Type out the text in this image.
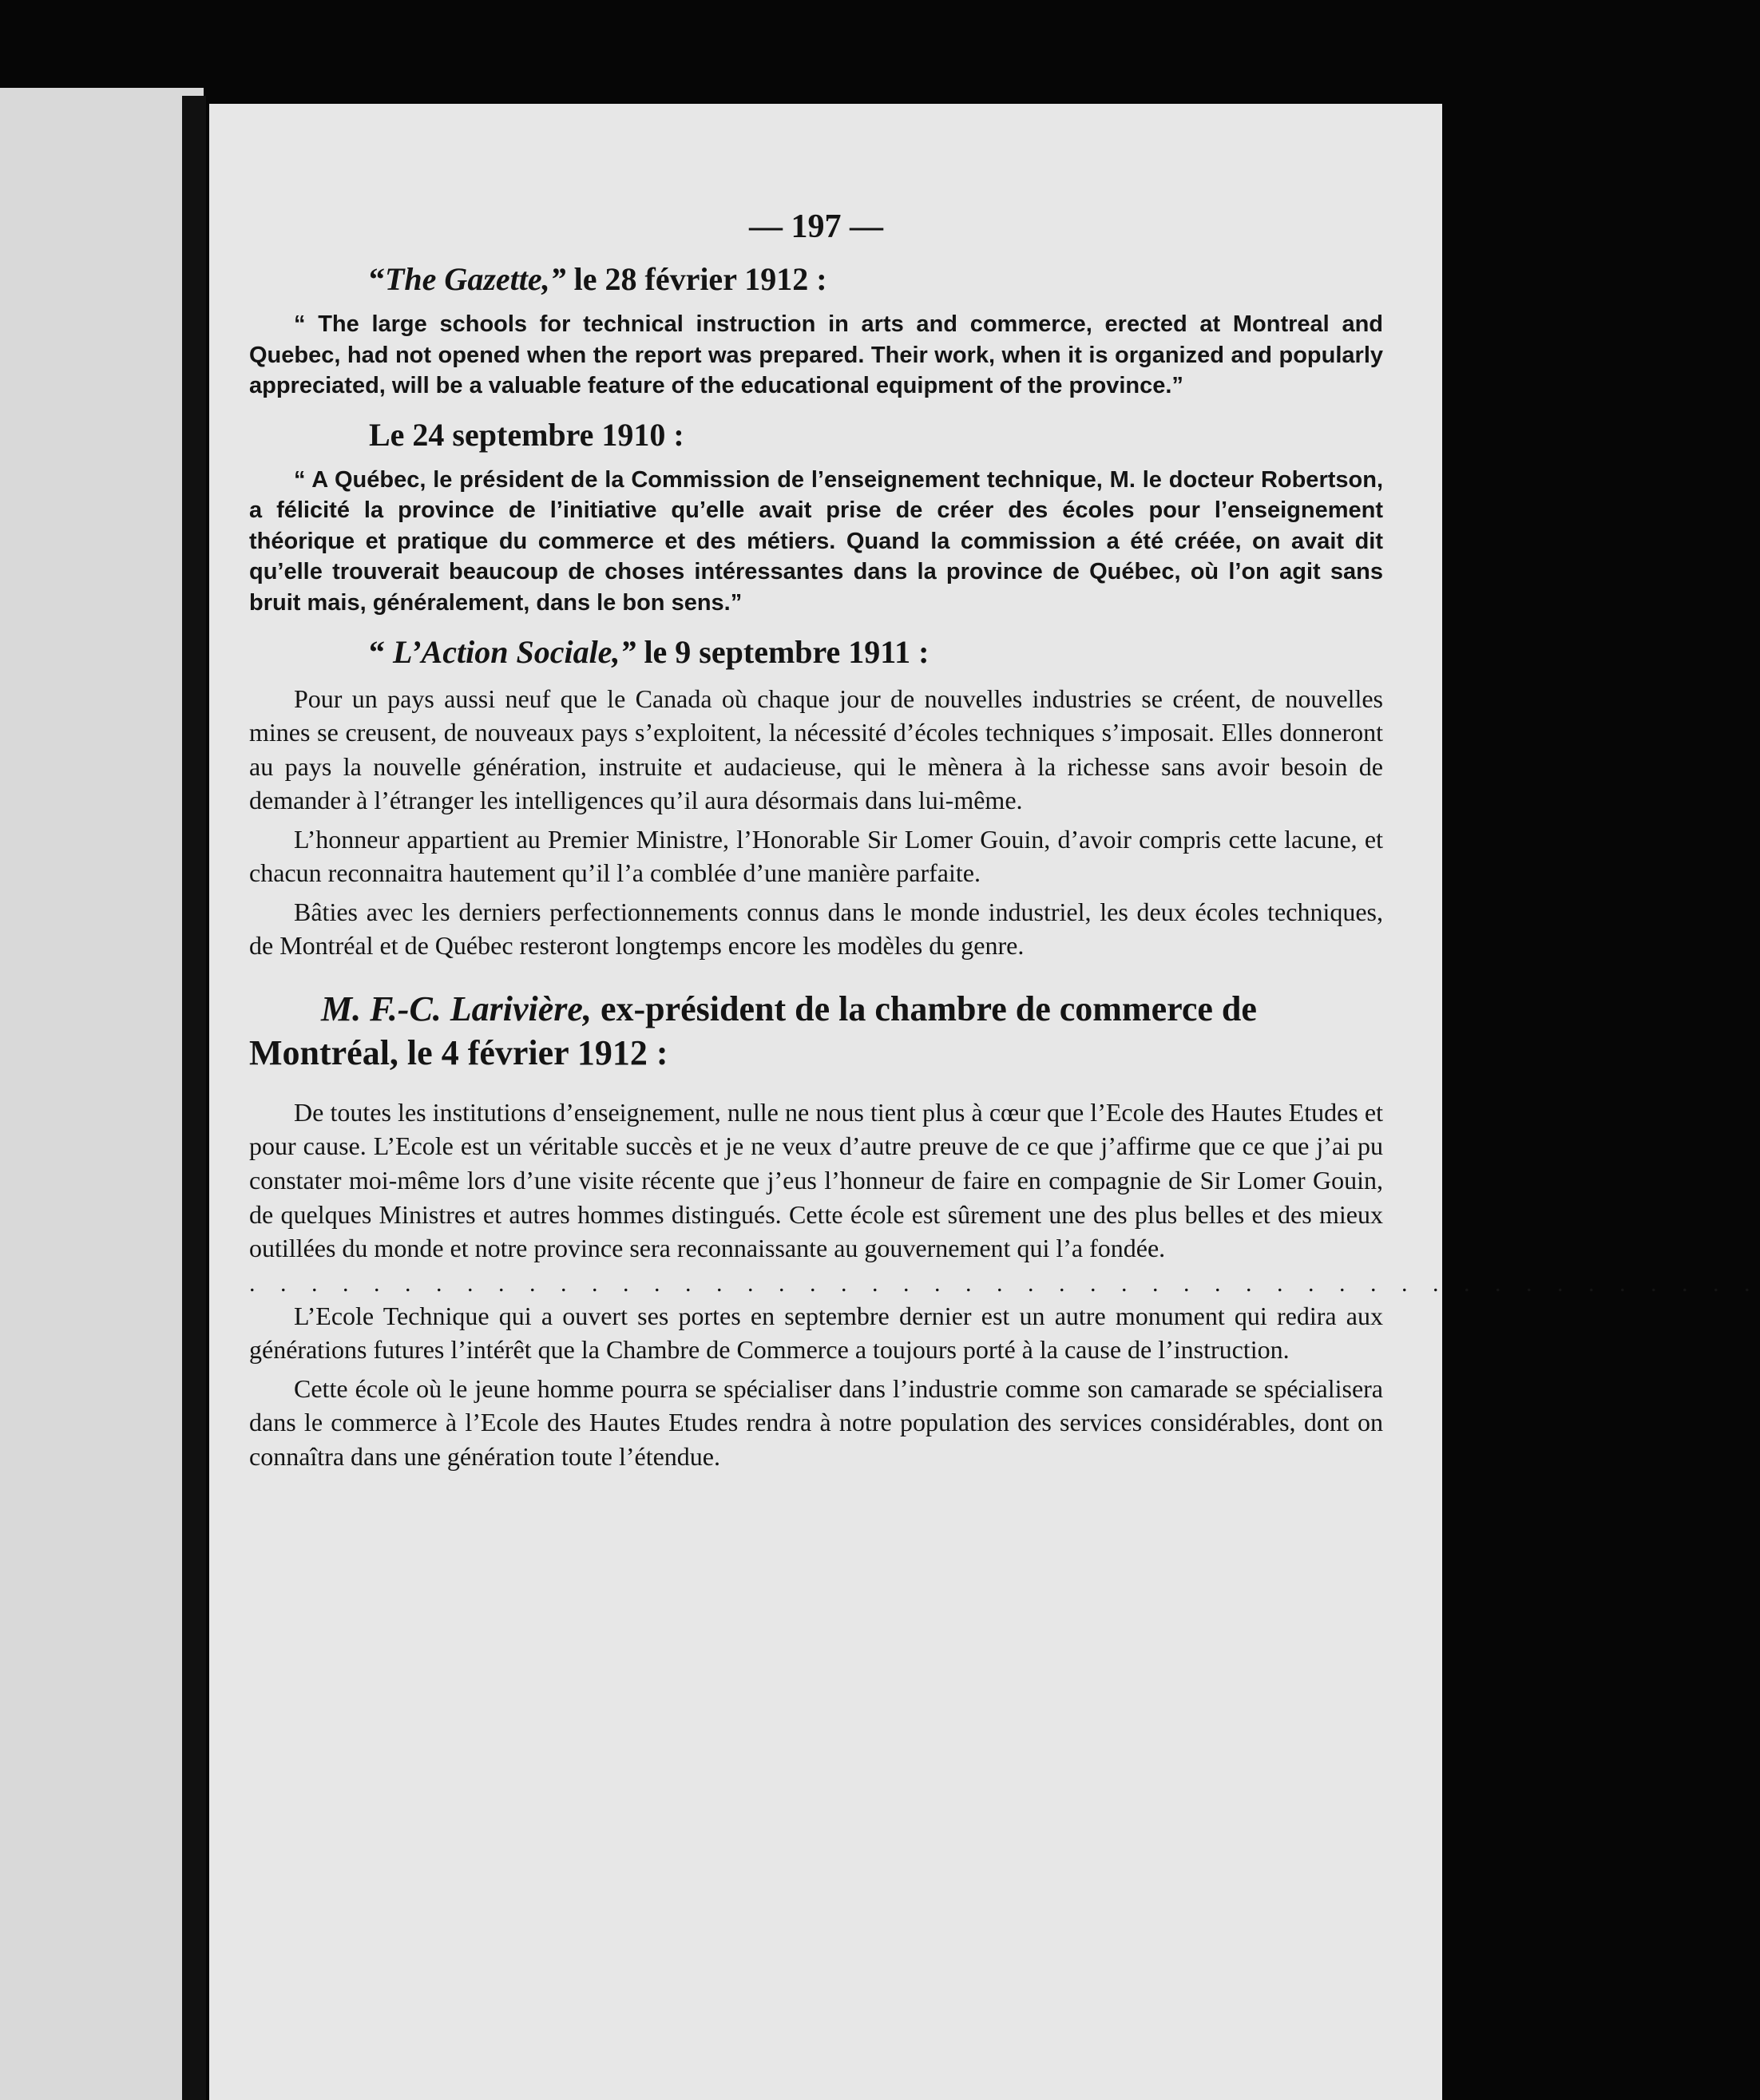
— 197 —
“The Gazette,” le 28 février 1912 :

“ The large schools for technical instruction in arts and commerce, erected at Montreal and Quebec, had not opened when the report was prepared. Their work, when it is organized and popularly appreciated, will be a valuable feature of the educational equipment of the province.”

Le 24 septembre 1910 :

“ A Québec, le président de la Commission de l’enseignement technique, M. le docteur Robertson, a félicité la province de l’initiative qu’elle avait prise de créer des écoles pour l’enseignement théorique et pratique du commerce et des métiers. Quand la commission a été créée, on avait dit qu’elle trouverait beaucoup de choses intéressantes dans la province de Québec, où l’on agit sans bruit mais, généralement, dans le bon sens.”

“ L’Action Sociale,” le 9 septembre 1911 :

Pour un pays aussi neuf que le Canada où chaque jour de nouvelles industries se créent, de nouvelles mines se creusent, de nouveaux pays s’exploitent, la nécessité d’écoles techniques s’imposait. Elles donneront au pays la nouvelle génération, instruite et audacieuse, qui le mènera à la richesse sans avoir besoin de demander à l’étranger les intelligences qu’il aura désormais dans lui-même.

L’honneur appartient au Premier Ministre, l’Honorable Sir Lomer Gouin, d’avoir compris cette lacune, et chacun reconnaitra hautement qu’il l’a comblée d’une manière parfaite.

Bâties avec les derniers perfectionnements connus dans le monde industriel, les deux écoles techniques, de Montréal et de Québec resteront longtemps encore les modèles du genre.

M. F.-C. Larivière, ex-président de la chambre de commerce de Montréal, le 4 février 1912 :

De toutes les institutions d’enseignement, nulle ne nous tient plus à cœur que l’Ecole des Hautes Etudes et pour cause. L’Ecole est un véritable succès et je ne veux d’autre preuve de ce que j’affirme que ce que j’ai pu constater moi-même lors d’une visite récente que j’eus l’honneur de faire en compagnie de Sir Lomer Gouin, de quelques Ministres et autres hommes distingués. Cette école est sûrement une des plus belles et des mieux outillées du monde et notre province sera reconnaissante au gouvernement qui l’a fondée.

. . . . . . . . . . . . . . . . . . . . . . . . . . . . . . . . . . . . . . . . . . . . . . . . .

L’Ecole Technique qui a ouvert ses portes en septembre dernier est un autre monument qui redira aux générations futures l’intérêt que la Chambre de Commerce a toujours porté à la cause de l’instruction.

Cette école où le jeune homme pourra se spécialiser dans l’industrie comme son camarade se spécialisera dans le commerce à l’Ecole des Hautes Etudes rendra à notre population des services considérables, dont on connaîtra dans une génération toute l’étendue.
